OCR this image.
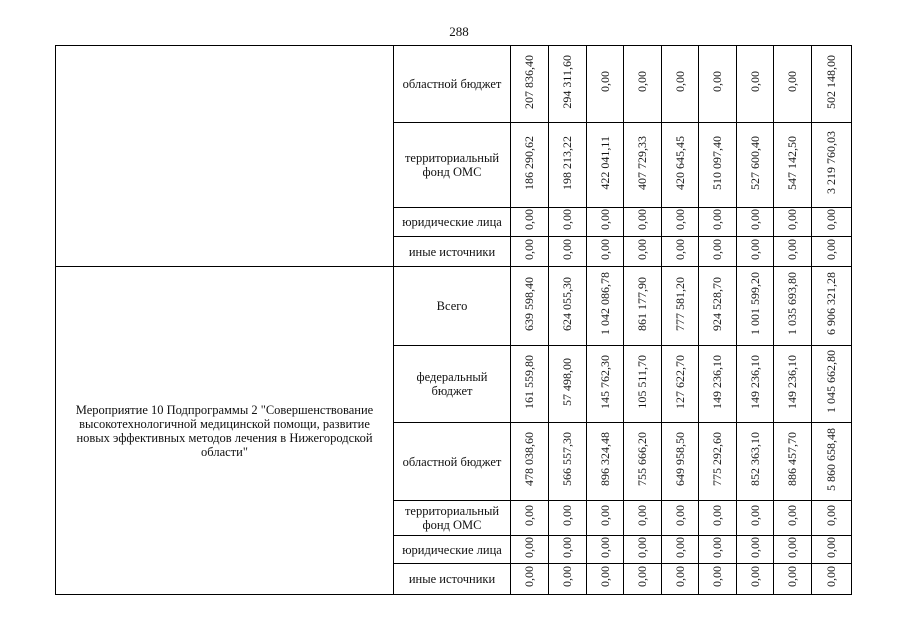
288
	областной бюджет	207 836,40	294 311,60	0,00	0,00	0,00	0,00	0,00	0,00	502 148,00
	территориальный фонд ОМС	186 290,62	198 213,22	422 041,11	407 729,33	420 645,45	510 097,40	527 600,40	547 142,50	3 219 760,03
	юридические лица	0,00	0,00	0,00	0,00	0,00	0,00	0,00	0,00	0,00
	иные источники	0,00	0,00	0,00	0,00	0,00	0,00	0,00	0,00	0,00

Мероприятие 10 Подпрограммы 2 "Совершенствование высокотехнологичной медицинской помощи, развитие новых эффективных методов лечения в Нижегородской области"	Всего	639 598,40	624 055,30	1 042 086,78	861 177,90	777 581,20	924 528,70	1 001 599,20	1 035 693,80	6 906 321,28
	федеральный бюджет	161 559,80	57 498,00	145 762,30	105 511,70	127 622,70	149 236,10	149 236,10	149 236,10	1 045 662,80
	областной бюджет	478 038,60	566 557,30	896 324,48	755 666,20	649 958,50	775 292,60	852 363,10	886 457,70	5 860 658,48
	территориальный фонд ОМС	0,00	0,00	0,00	0,00	0,00	0,00	0,00	0,00	0,00
	юридические лица	0,00	0,00	0,00	0,00	0,00	0,00	0,00	0,00	0,00
	иные источники	0,00	0,00	0,00	0,00	0,00	0,00	0,00	0,00	0,00
